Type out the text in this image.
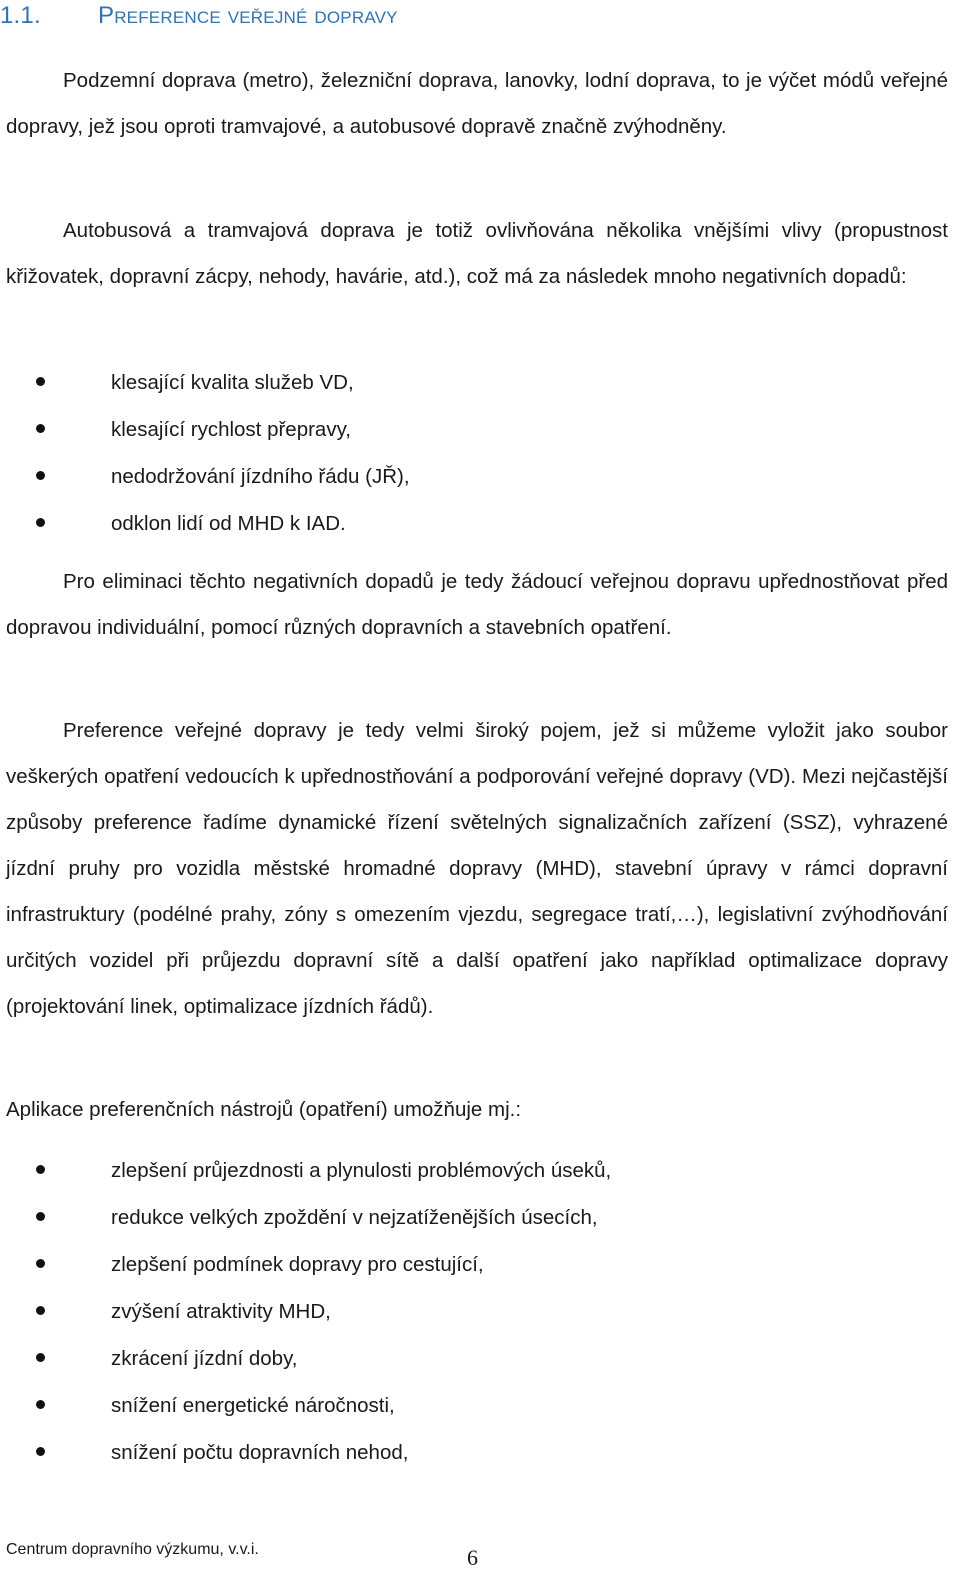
1.1. Preference veřejné dopravy

Podzemní doprava (metro), železniční doprava, lanovky, lodní doprava, to je výčet módů veřejné dopravy, jež jsou oproti tramvajové, a autobusové dopravě značně zvýhodněny.

Autobusová a tramvajová doprava je totiž ovlivňována několika vnějšími vlivy (propustnost křižovatek, dopravní zácpy, nehody, havárie, atd.), což má za následek mnoho negativních dopadů:

klesající kvalita služeb VD,
klesající rychlost přepravy,
nedodržování jízdního řádu (JŘ),
odklon lidí od MHD k IAD.

Pro eliminaci těchto negativních dopadů je tedy žádoucí veřejnou dopravu upřednostňovat před dopravou individuální, pomocí různých dopravních a stavebních opatření.

Preference veřejné dopravy je tedy velmi široký pojem, jež si můžeme vyložit jako soubor veškerých opatření vedoucích k upřednostňování a podporování veřejné dopravy (VD). Mezi nejčastější způsoby preference řadíme dynamické řízení světelných signalizačních zařízení (SSZ), vyhrazené jízdní pruhy pro vozidla městské hromadné dopravy (MHD), stavební úpravy v rámci dopravní infrastruktury (podélné prahy, zóny s omezením vjezdu, segregace tratí,…), legislativní zvýhodňování určitých vozidel při průjezdu dopravní sítě a další opatření jako například optimalizace dopravy (projektování linek, optimalizace jízdních řádů).

Aplikace preferenčních nástrojů (opatření) umožňuje mj.:

zlepšení průjezdnosti a plynulosti problémových úseků,
redukce velkých zpoždění v nejzatíženějších úsecích,
zlepšení podmínek dopravy pro cestující,
zvýšení atraktivity MHD,
zkrácení jízdní doby,
snížení energetické náročnosti,
snížení počtu dopravních nehod,
Centrum dopravního výzkumu, v.v.i.	6
